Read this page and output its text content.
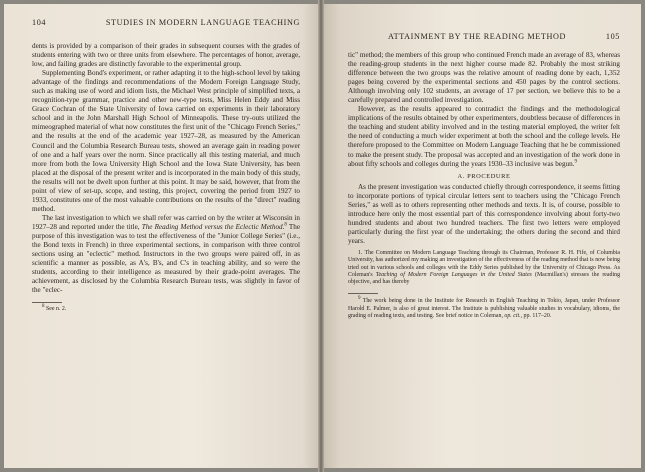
104	STUDIES IN MODERN LANGUAGE TEACHING

dents is provided by a comparison of their grades in subsequent courses with the grades of students entering with two or three units from elsewhere. The percentages of honor, average, low, and failing grades are distinctly favorable to the experimental group.

Supplementing Bond's experiment, or rather adapting it to the high-school level by taking advantage of the findings and recommendations of the Modern Foreign Language Study, such as making use of word and idiom lists, the Michael West principle of simplified texts, a recognition-type grammar, practice and other new-type tests, Miss Helen Eddy and Miss Grace Cochran of the State University of Iowa carried on experiments in their laboratory school and in the John Marshall High School of Minneapolis. These try-outs utilized the mimeographed material of what now constitutes the first unit of the "Chicago French Series," and the results at the end of the academic year 1927–28, as measured by the American Council and the Columbia Research Bureau tests, showed an average gain in reading power of one and a half years over the norm. Since practically all this testing material, and much more from both the Iowa University High School and the Iowa State University, has been placed at the disposal of the present writer and is incorporated in the main body of this study, the results will not be dwelt upon further at this point. It may be said, however, that from the point of view of set-up, scope, and testing, this project, covering the period from 1927 to 1933, constitutes one of the most valuable contributions on the results of the "direct" reading method.

The last investigation to which we shall refer was carried on by the writer at Wisconsin in 1927–28 and reported under the title, The Reading Method versus the Eclectic Method.$^8$ The purpose of this investigation was to test the effectiveness of the "Junior College Series" (i.e., the Bond texts in French) in three experimental sections, in comparison with three control sections using an "eclectic" method. Instructors in the two groups were paired off, in as scientific a manner as possible, as A's, B's, and C's in teaching ability, and so were the students, according to their intelligence as measured by their grade-point averages. The achievement, as disclosed by the Columbia Research Bureau tests, was slightly in favor of the "eclec-

$^8$ See n. 2.

ATTAINMENT BY THE READING METHOD	105

tic" method; the members of this group who continued French made an average of 83, whereas the reading-group students in the next higher course made 82. Probably the most striking difference between the two groups was the relative amount of reading done by each, 1,352 pages being covered by the experimental sections and 450 pages by the control sections. Although involving only 102 students, an average of 17 per section, we believe this to be a carefully prepared and controlled investigation.

However, as the results appeared to contradict the findings and the methodological implications of the results obtained by other experimenters, doubtless because of differences in the teaching and student ability involved and in the testing material employed, the writer felt the need of conducting a much wider experiment at both the school and the college levels. He therefore proposed to the Committee on Modern Language Teaching that he be commissioned to make the present study. The proposal was accepted and an investigation of the work done in about fifty schools and colleges during the years 1930–33 inclusive was begun.$^9$

A. PROCEDURE

As the present investigation was conducted chiefly through correspondence, it seems fitting to incorporate portions of typical circular letters sent to teachers using the "Chicago French Series," as well as to others representing other methods and texts. It is, of course, possible to introduce here only the most essential part of this correspondence involving about forty-two hundred students and about two hundred teachers. The first two letters were employed particularly during the first year of the undertaking; the others during the second and third years.

1. The Committee on Modern Language Teaching through its Chairman, Professor R. H. Fife, of Columbia University, has authorized my making an investigation of the effectiveness of the reading method that is now being tried out in various schools and colleges with the Eddy Series published by the University of Chicago Press. As Coleman's Teaching of Modern Foreign Languages in the United States (Macmillan's) stresses the reading objective, and has thereby

$^9$ The work being done in the Institute for Research in English Teaching in Tokio, Japan, under Professor Harold E. Palmer, is also of great interest. The Institute is publishing valuable studies in vocabulary, idioms, the grading of reading texts, and testing. See brief notice in Coleman, op. cit., pp. 117–20.
